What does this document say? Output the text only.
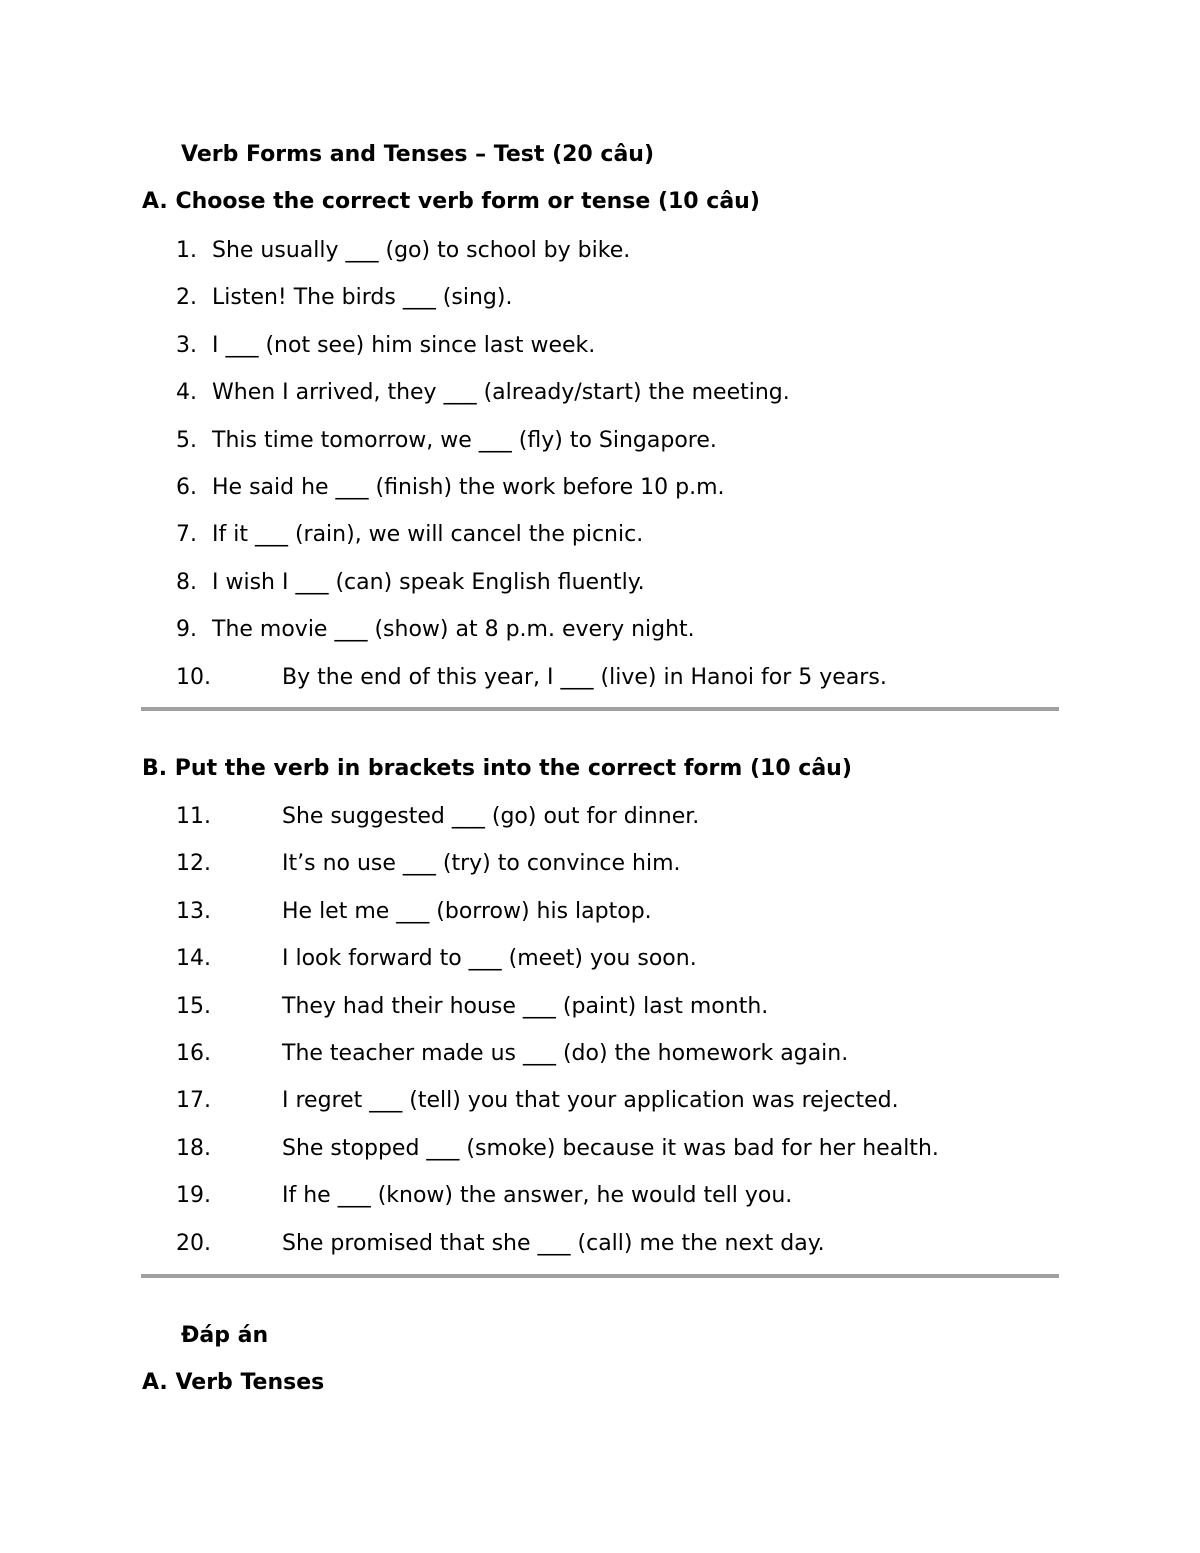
Verb Forms and Tenses – Test (20 câu)
A. Choose the correct verb form or tense (10 câu)
1. She usually ___ (go) to school by bike.
2. Listen! The birds ___ (sing).
3. I ___ (not see) him since last week.
4. When I arrived, they ___ (already/start) the meeting.
5. This time tomorrow, we ___ (fly) to Singapore.
6. He said he ___ (finish) the work before 10 p.m.
7. If it ___ (rain), we will cancel the picnic.
8. I wish I ___ (can) speak English fluently.
9. The movie ___ (show) at 8 p.m. every night.
10.	By the end of this year, I ___ (live) in Hanoi for 5 years.
B. Put the verb in brackets into the correct form (10 câu)
11.	She suggested ___ (go) out for dinner.
12.	It’s no use ___ (try) to convince him.
13.	He let me ___ (borrow) his laptop.
14.	I look forward to ___ (meet) you soon.
15.	They had their house ___ (paint) last month.
16.	The teacher made us ___ (do) the homework again.
17.	I regret ___ (tell) you that your application was rejected.
18.	She stopped ___ (smoke) because it was bad for her health.
19.	If he ___ (know) the answer, he would tell you.
20.	She promised that she ___ (call) me the next day.
Đáp án
A. Verb Tenses
